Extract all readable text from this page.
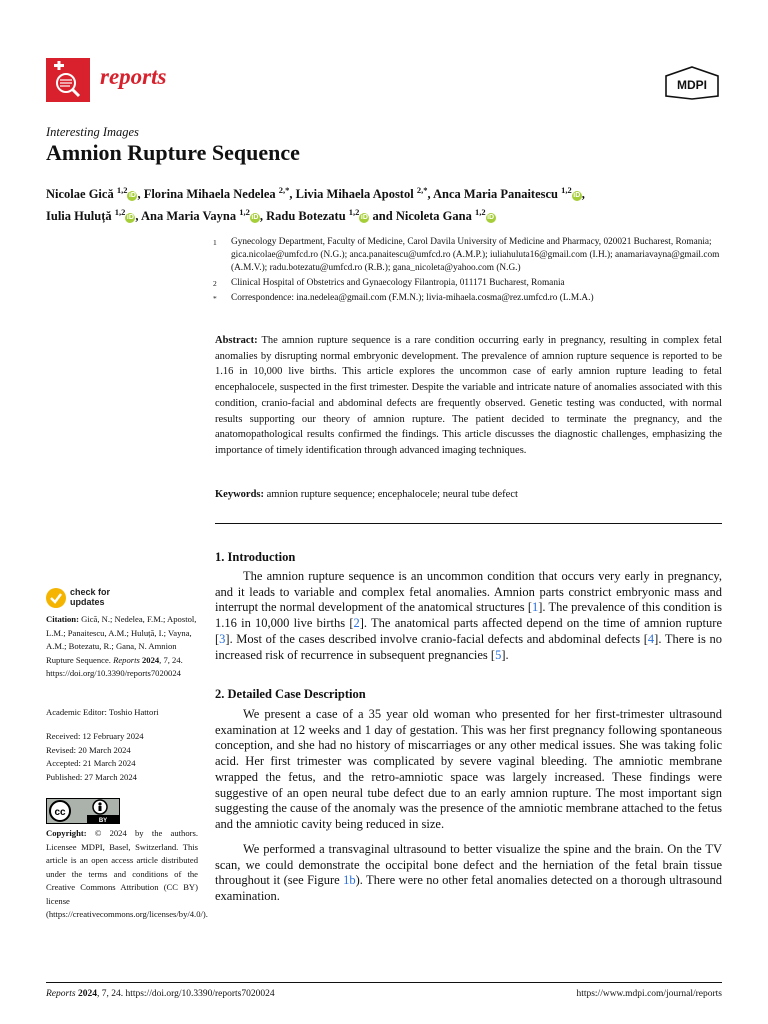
reports	MDPI
Interesting Images
Amnion Rupture Sequence
Nicolae Gică $^{1,2}$iD , Florina Mihaela Nedelea $^{2,*}$, Livia Mihaela Apostol $^{2,*}$, Anca Maria Panaitescu $^{1,2}$iD ,
Iulia Huluță $^{1,2}$iD , Ana Maria Vayna $^{1,2}$iD , Radu Botezatu $^{1,2}$iD and Nicoleta Gana $^{1,2}$iD
1 Gynecology Department, Faculty of Medicine, Carol Davila University of Medicine and Pharmacy, 020021 Bucharest, Romania; gica.nicolae@umfcd.ro (N.G.); anca.panaitescu@umfcd.ro (A.M.P.); iuliahuluta16@gmail.com (I.H.); anamariavayna@gmail.com (A.M.V.); radu.botezatu@umfcd.ro (R.B.); gana_nicoleta@yahoo.com (N.G.)
2 Clinical Hospital of Obstetrics and Gynaecology Filantropia, 011171 Bucharest, Romania
* Correspondence: ina.nedelea@gmail.com (F.M.N.); livia-mihaela.cosma@rez.umfcd.ro (L.M.A.)
Abstract: The amnion rupture sequence is a rare condition occurring early in pregnancy, resulting in complex fetal anomalies by disrupting normal embryonic development. The prevalence of amnion rupture sequence is reported to be 1.16 in 10,000 live births. This article explores the uncommon case of early amnion rupture leading to fetal encephalocele, suspected in the first trimester. Despite the variable and intricate nature of anomalies associated with this condition, cranio-facial and abdominal defects are frequently observed. Genetic testing was conducted, with normal results supporting our theory of amnion rupture. The patient decided to terminate the pregnancy, and the anatomopathological results confirmed the findings. This article discusses the diagnostic challenges, emphasizing the importance of timely identification through advanced imaging techniques.
Keywords: amnion rupture sequence; encephalocele; neural tube defect
check for
updates
Citation: Gică, N.; Nedelea, F.M.; Apostol, L.M.; Panaitescu, A.M.; Huluță, I.; Vayna, A.M.; Botezatu, R.; Gana, N. Amnion Rupture Sequence. Reports 2024, 7, 24. https://doi.org/10.3390/reports7020024
Academic Editor: Toshio Hattori
Received: 12 February 2024
Revised: 20 March 2024
Accepted: 21 March 2024
Published: 27 March 2024
cc
BY
Copyright: © 2024 by the authors. Licensee MDPI, Basel, Switzerland. This article is an open access article distributed under the terms and conditions of the Creative Commons Attribution (CC BY) license (https://creativecommons.org/licenses/by/4.0/).
1. Introduction
The amnion rupture sequence is an uncommon condition that occurs very early in pregnancy, and it leads to variable and complex fetal anomalies. Amnion parts constrict embryonic mass and interrupt the normal development of the anatomical structures [1]. The prevalence of this condition is 1.16 in 10,000 live births [2]. The anatomical parts affected depend on the time of amnion rupture [3]. Most of the cases described involve cranio-facial defects and abdominal defects [4]. There is no increased risk of recurrence in subsequent pregnancies [5].
2. Detailed Case Description
We present a case of a 35 year old woman who presented for her first-trimester ultrasound examination at 12 weeks and 1 day of gestation. This was her first pregnancy following spontaneous conception, and she had no history of miscarriages or any other medical issues. She was taking folic acid. Her first trimester was complicated by severe vaginal bleeding. The amniotic membrane wrapped the fetus, and the retro-amniotic space was largely increased. These findings were suggestive of an open neural tube defect due to an early amnion rupture. The most important sign suggesting the cause of the anomaly was the presence of the amniotic membrane attached to the fetus and the amniotic cavity being reduced in size.
We performed a transvaginal ultrasound to better visualize the spine and the brain. On the TV scan, we could demonstrate the occipital bone defect and the herniation of the fetal brain tissue throughout it (see Figure 1b). There were no other fetal anomalies detected on a thorough ultrasound examination.
Reports 2024, 7, 24. https://doi.org/10.3390/reports7020024	https://www.mdpi.com/journal/reports
